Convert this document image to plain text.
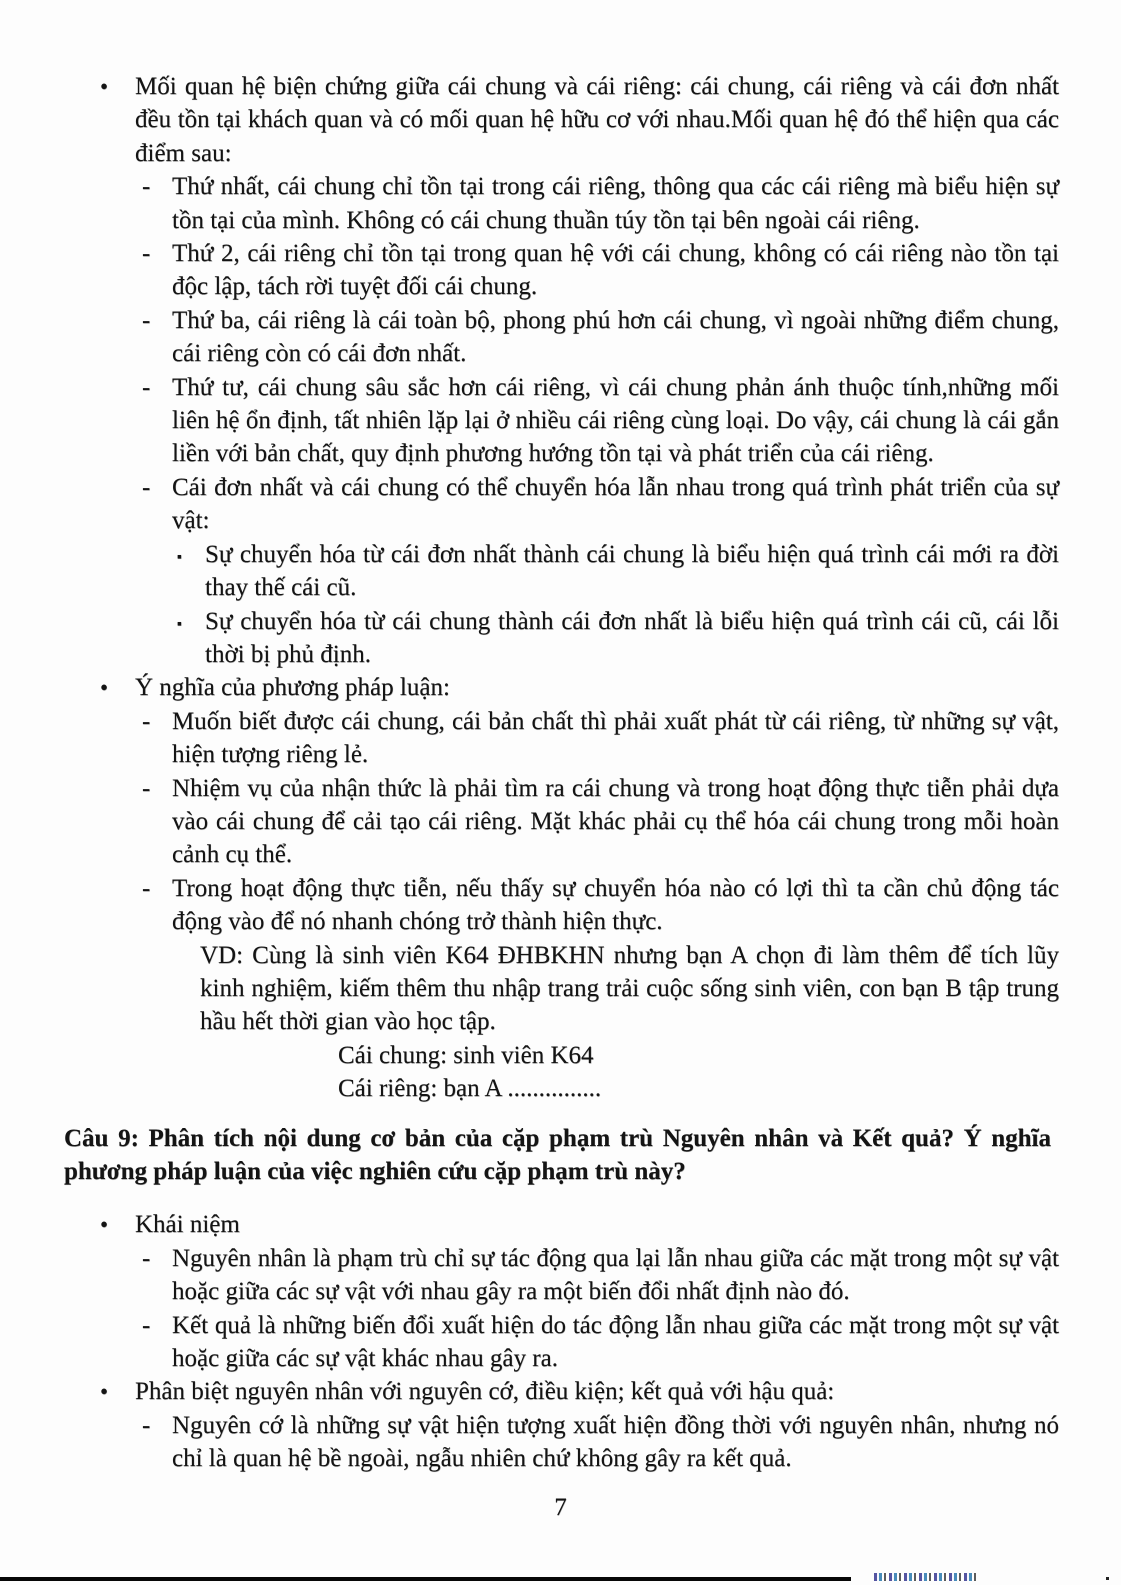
• Mối quan hệ biện chứng giữa cái chung và cái riêng: cái chung, cái riêng và cái đơn nhất đều tồn tại khách quan và có mối quan hệ hữu cơ với nhau.Mối quan hệ đó thể hiện qua các điểm sau:
- Thứ nhất, cái chung chỉ tồn tại trong cái riêng, thông qua các cái riêng mà biểu hiện sự tồn tại của mình. Không có cái chung thuần túy tồn tại bên ngoài cái riêng.
- Thứ 2, cái riêng chỉ tồn tại trong quan hệ với cái chung, không có cái riêng nào tồn tại độc lập, tách rời tuyệt đối cái chung.
- Thứ ba, cái riêng là cái toàn bộ, phong phú hơn cái chung, vì ngoài những điểm chung, cái riêng còn có cái đơn nhất.
- Thứ tư, cái chung sâu sắc hơn cái riêng, vì cái chung phản ánh thuộc tính,những mối liên hệ ổn định, tất nhiên lặp lại ở nhiều cái riêng cùng loại. Do vậy, cái chung là cái gắn liền với bản chất, quy định phương hướng tồn tại và phát triển của cái riêng.
- Cái đơn nhất và cái chung có thể chuyển hóa lẫn nhau trong quá trình phát triển của sự vật:
▪ Sự chuyển hóa từ cái đơn nhất thành cái chung là biểu hiện quá trình cái mới ra đời thay thế cái cũ.
▪ Sự chuyển hóa từ cái chung thành cái đơn nhất là biểu hiện quá trình cái cũ, cái lỗi thời bị phủ định.
• Ý nghĩa của phương pháp luận:
- Muốn biết được cái chung, cái bản chất thì phải xuất phát từ cái riêng, từ những sự vật, hiện tượng riêng lẻ.
- Nhiệm vụ của nhận thức là phải tìm ra cái chung và trong hoạt động thực tiễn phải dựa vào cái chung để cải tạo cái riêng. Mặt khác phải cụ thể hóa cái chung trong mỗi hoàn cảnh cụ thể.
- Trong hoạt động thực tiễn, nếu thấy sự chuyển hóa nào có lợi thì ta cần chủ động tác động vào để nó nhanh chóng trở thành hiện thực.
VD: Cùng là sinh viên K64 ĐHBKHN nhưng bạn A chọn đi làm thêm để tích lũy kinh nghiệm, kiếm thêm thu nhập trang trải cuộc sống sinh viên, con bạn B tập trung hầu hết thời gian vào học tập.
Cái chung: sinh viên K64
Cái riêng: bạn A ...............
Câu 9: Phân tích nội dung cơ bản của cặp phạm trù Nguyên nhân và Kết quả? Ý nghĩa phương pháp luận của việc nghiên cứu cặp phạm trù này?
• Khái niệm
- Nguyên nhân là phạm trù chỉ sự tác động qua lại lẫn nhau giữa các mặt trong một sự vật hoặc giữa các sự vật với nhau gây ra một biến đổi nhất định nào đó.
- Kết quả là những biến đổi xuất hiện do tác động lẫn nhau giữa các mặt trong một sự vật hoặc giữa các sự vật khác nhau gây ra.
• Phân biệt nguyên nhân với nguyên cớ, điều kiện; kết quả với hậu quả:
- Nguyên cớ là những sự vật hiện tượng xuất hiện đồng thời với nguyên nhân, nhưng nó chỉ là quan hệ bề ngoài, ngẫu nhiên chứ không gây ra kết quả.
7
